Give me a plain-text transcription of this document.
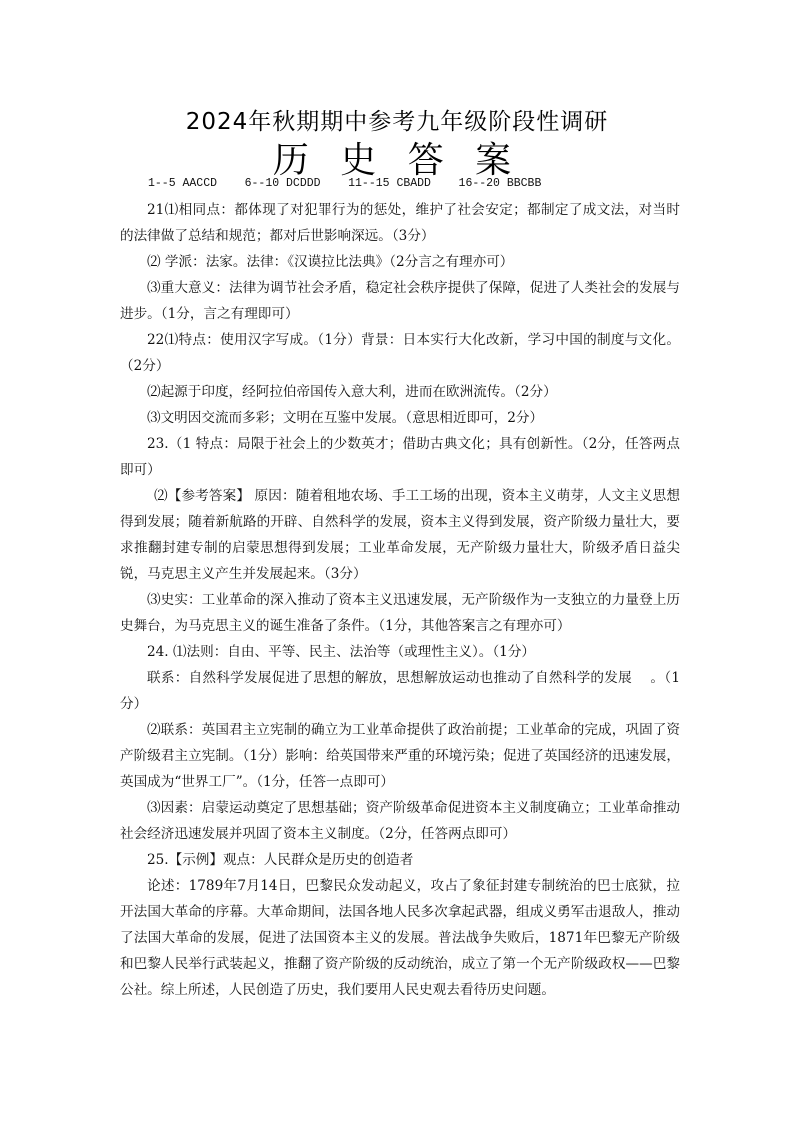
2024年秋期期中参考九年级阶段性调研
历 史 答 案
1--5 AACCD    6--10 DCDDD    11--15 CBADD    16--20 BBCBB

21⑴相同点：都体现了对犯罪行为的惩处，维护了社会安定；都制定了成文法，对当时的法律做了总结和规范；都对后世影响深远。（3分）

⑵ 学派：法家。法律：《汉谟拉比法典》（2分言之有理亦可）

⑶重大意义：法律为调节社会矛盾，稳定社会秩序提供了保障，促进了人类社会的发展与进步。（1分，言之有理即可）

22⑴特点：使用汉字写成。（1分）背景：日本实行大化改新，学习中国的制度与文化。（2分）

⑵起源于印度，经阿拉伯帝国传入意大利，进而在欧洲流传。（2分）

⑶文明因交流而多彩；文明在互鉴中发展。（意思相近即可，2分）

23.（1 特点：局限于社会上的少数英才；借助古典文化；具有创新性。（2分，任答两点即可）

⑵【参考答案】 原因：随着租地农场、手工工场的出现，资本主义萌芽，人文主义思想得到发展；随着新航路的开辟、自然科学的发展，资本主义得到发展，资产阶级力量壮大，要求推翻封建专制的启蒙思想得到发展；工业革命发展，无产阶级力量壮大，阶级矛盾日益尖锐，马克思主义产生并发展起来。（3分）

⑶史实：工业革命的深入推动了资本主义迅速发展，无产阶级作为一支独立的力量登上历史舞台，为马克思主义的诞生准备了条件。（1分，其他答案言之有理亦可）

24. ⑴法则：自由、平等、民主、法治等（或理性主义）。（1分）

联系：自然科学发展促进了思想的解放，思想解放运动也推动了自然科学的发展　 。（1分）

⑵联系：英国君主立宪制的确立为工业革命提供了政治前提；工业革命的完成，巩固了资产阶级君主立宪制。（1分）影响：给英国带来严重的环境污染；促进了英国经济的迅速发展，英国成为“世界工厂”。（1分，任答一点即可）

⑶因素：启蒙运动奠定了思想基础；资产阶级革命促进资本主义制度确立；工业革命推动社会经济迅速发展并巩固了资本主义制度。（2分，任答两点即可）

25.【示例】观点：人民群众是历史的创造者

论述：1789年7月14日，巴黎民众发动起义，攻占了象征封建专制统治的巴士底狱，拉开法国大革命的序幕。大革命期间，法国各地人民多次拿起武器，组成义勇军击退敌人，推动了法国大革命的发展，促进了法国资本主义的发展。普法战争失败后，1871年巴黎无产阶级和巴黎人民举行武装起义，推翻了资产阶级的反动统治，成立了第一个无产阶级政权——巴黎公社。综上所述，人民创造了历史，我们要用人民史观去看待历史问题。
